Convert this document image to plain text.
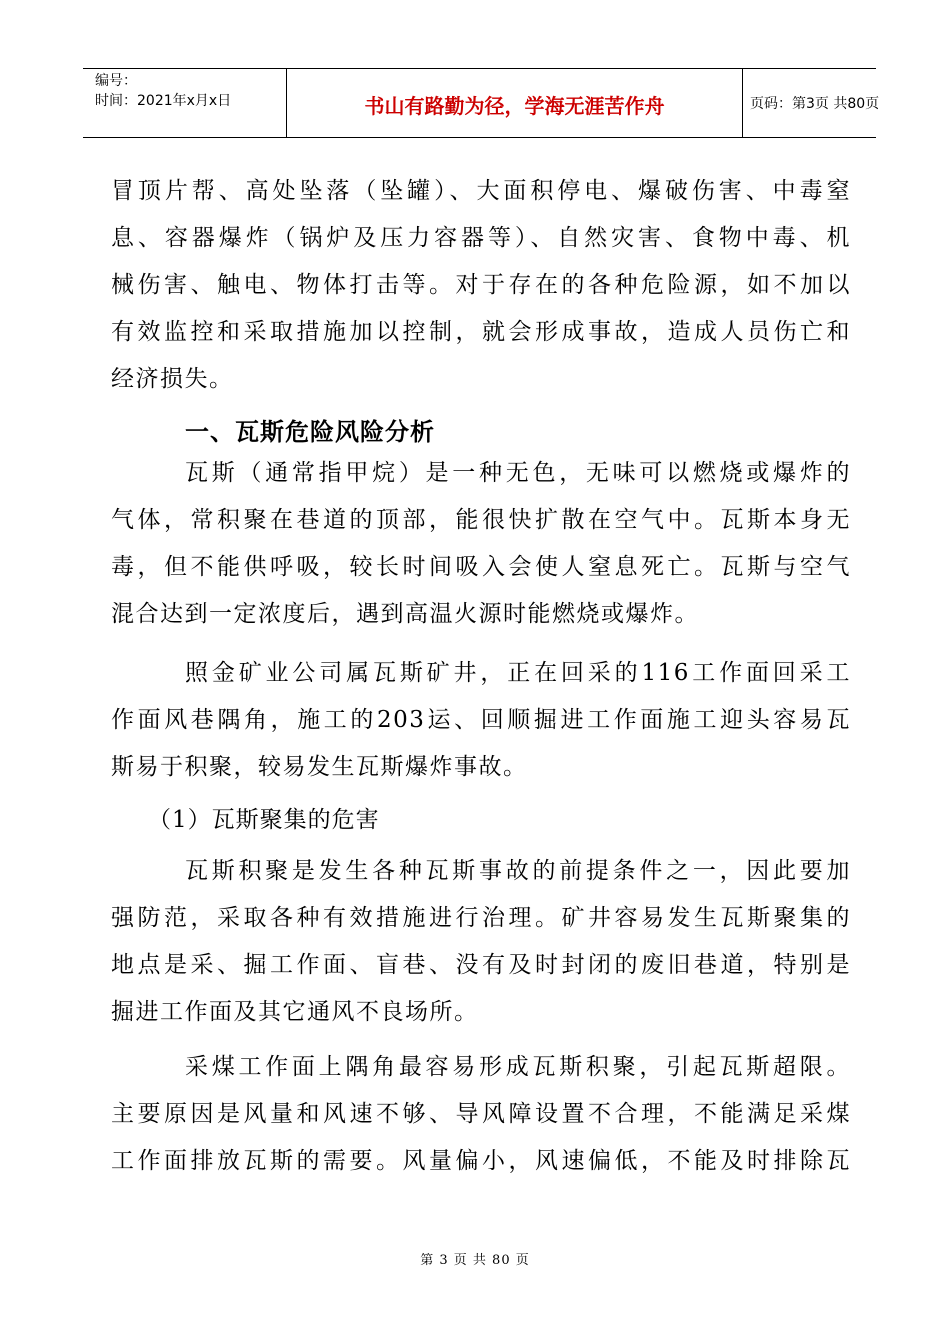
编号：
时间：2021年x月x日	书山有路勤为径，学海无涯苦作舟	页码：第3页 共80页
冒顶片帮、高处坠落（坠罐）、大面积停电、爆破伤害、中毒窒
息、容器爆炸（锅炉及压力容器等）、自然灾害、食物中毒、机
械伤害、触电、物体打击等。对于存在的各种危险源，如不加以
有效监控和采取措施加以控制，就会形成事故，造成人员伤亡和
经济损失。
一、瓦斯危险风险分析
瓦斯（通常指甲烷）是一种无色，无味可以燃烧或爆炸的
气体，常积聚在巷道的顶部，能很快扩散在空气中。瓦斯本身无
毒，但不能供呼吸，较长时间吸入会使人窒息死亡。瓦斯与空气
混合达到一定浓度后，遇到高温火源时能燃烧或爆炸。
照金矿业公司属瓦斯矿井，正在回采的116工作面回采工
作面风巷隅角，施工的203运、回顺掘进工作面施工迎头容易瓦
斯易于积聚，较易发生瓦斯爆炸事故。
（1）瓦斯聚集的危害
瓦斯积聚是发生各种瓦斯事故的前提条件之一，因此要加
强防范，采取各种有效措施进行治理。矿井容易发生瓦斯聚集的
地点是采、掘工作面、盲巷、没有及时封闭的废旧巷道，特别是
掘进工作面及其它通风不良场所。
采煤工作面上隅角最容易形成瓦斯积聚，引起瓦斯超限。
主要原因是风量和风速不够、导风障设置不合理，不能满足采煤
工作面排放瓦斯的需要。风量偏小，风速偏低，不能及时排除瓦
第 3 页 共 80 页
